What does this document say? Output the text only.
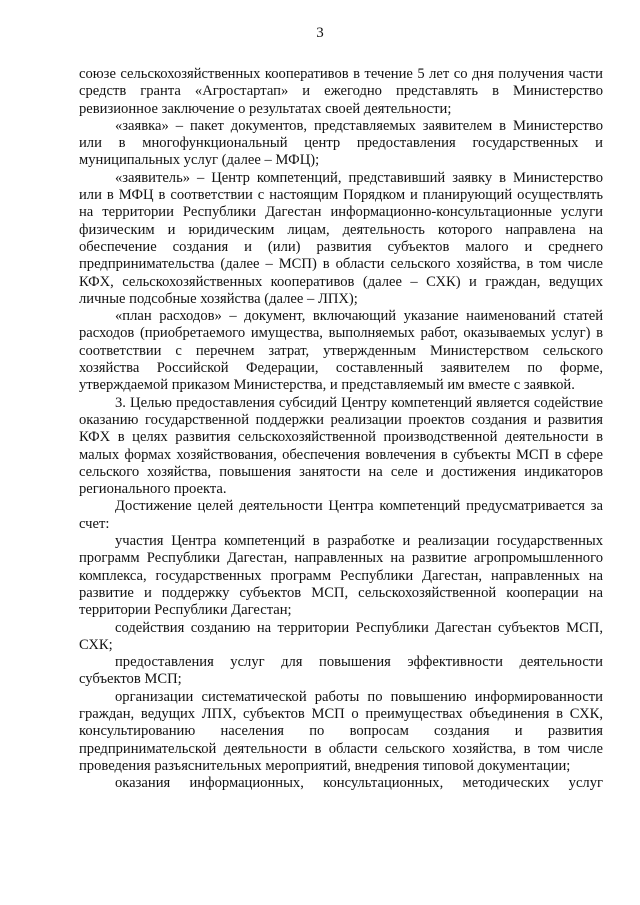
3

союзе сельскохозяйственных кооперативов в течение 5 лет со дня получения части средств гранта «Агростартап» и ежегодно представлять в Министерство ревизионное заключение о результатах своей деятельности;

«заявка» – пакет документов, представляемых заявителем в Министерство или в многофункциональный центр предоставления государственных и муниципальных услуг (далее – МФЦ);

«заявитель» – Центр компетенций, представивший заявку в Министерство или в МФЦ в соответствии с настоящим Порядком и планирующий осуществлять на территории Республики Дагестан информационно-консультационные услуги физическим и юридическим лицам, деятельность которого направлена на обеспечение создания и (или) развития субъектов малого и среднего предпринимательства (далее – МСП) в области сельского хозяйства, в том числе КФХ, сельскохозяйственных кооперативов (далее – СХК) и граждан, ведущих личные подсобные хозяйства (далее – ЛПХ);

«план расходов» – документ, включающий указание наименований статей расходов (приобретаемого имущества, выполняемых работ, оказываемых услуг) в соответствии с перечнем затрат, утвержденным Министерством сельского хозяйства Российской Федерации, составленный заявителем по форме, утверждаемой приказом Министерства, и представляемый им вместе с заявкой.

3. Целью предоставления субсидий Центру компетенций является содействие оказанию государственной поддержки реализации проектов создания и развития КФХ в целях развития сельскохозяйственной производственной деятельности в малых формах хозяйствования, обеспечения вовлечения в субъекты МСП в сфере сельского хозяйства, повышения занятости на селе и достижения индикаторов регионального проекта.

Достижение целей деятельности Центра компетенций предусматривается за счет:

участия Центра компетенций в разработке и реализации государственных программ Республики Дагестан, направленных на развитие агропромышленного комплекса, государственных программ Республики Дагестан, направленных на развитие и поддержку субъектов МСП, сельскохозяйственной кооперации на территории Республики Дагестан;

содействия созданию на территории Республики Дагестан субъектов МСП, СХК;

предоставления услуг для повышения эффективности деятельности субъектов МСП;

организации систематической работы по повышению информированности граждан, ведущих ЛПХ, субъектов МСП о преимуществах объединения в СХК, консультированию населения по вопросам создания и развития предпринимательской деятельности в области сельского хозяйства, в том числе проведения разъяснительных мероприятий, внедрения типовой документации;

оказания информационных, консультационных, методических услуг
